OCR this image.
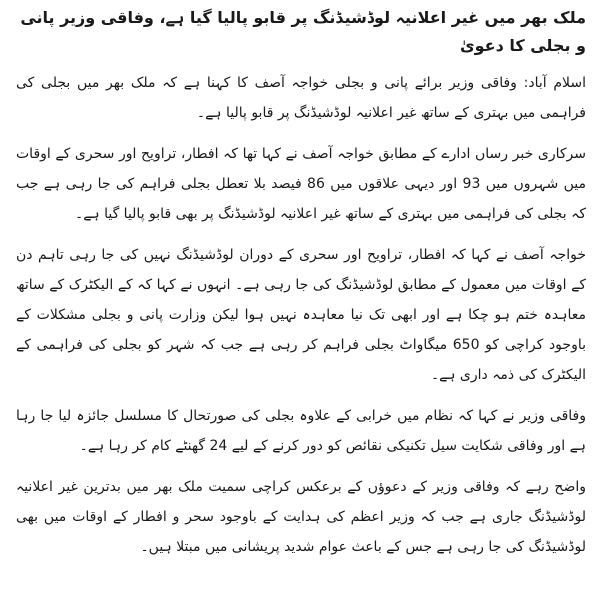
ملک بھر میں غیر اعلانیہ لوڈشیڈنگ پر قابو پالیا گیا ہے، وفاقی وزیر پانی و بجلی کا دعویٰ

اسلام آباد: وفاقی وزیر برائے پانی و بجلی خواجہ آصف کا کہنا ہے کہ ملک بھر میں بجلی کی فراہمی میں بہتری کے ساتھ غیر اعلانیہ لوڈشیڈنگ پر قابو پالیا ہے۔

سرکاری خبر رساں ادارے کے مطابق خواجہ آصف نے کہا تھا کہ افطار، تراویح اور سحری کے اوقات میں شہروں میں 93 اور دیہی علاقوں میں 86 فیصد بلا تعطل بجلی فراہم کی جا رہی ہے جب کہ بجلی کی فراہمی میں بہتری کے ساتھ غیر اعلانیہ لوڈشیڈنگ پر بھی قابو پالیا گیا ہے۔

خواجہ آصف نے کہا کہ افطار، تراویح اور سحری کے دوران لوڈشیڈنگ نہیں کی جا رہی تاہم دن کے اوقات میں معمول کے مطابق لوڈشیڈنگ کی جا رہی ہے۔ انہوں نے کہا کہ کے الیکٹرک کے ساتھ معاہدہ ختم ہو چکا ہے اور ابھی تک نیا معاہدہ نہیں ہوا لیکن وزارت پانی و بجلی مشکلات کے باوجود کراچی کو 650 میگاواٹ بجلی فراہم کر رہی ہے جب کہ شہر کو بجلی کی فراہمی کے الیکٹرک کی ذمہ داری ہے۔

وفاقی وزیر نے کہا کہ نظام میں خرابی کے علاوہ بجلی کی صورتحال کا مسلسل جائزہ لیا جا رہا ہے اور وفاقی شکایت سیل تکنیکی نقائص کو دور کرنے کے لیے 24 گھنٹے کام کر رہا ہے۔

واضح رہے کہ وفاقی وزیر کے دعوؤں کے برعکس کراچی سمیت ملک بھر میں بدترین غیر اعلانیہ لوڈشیڈنگ جاری ہے جب کہ وزیر اعظم کی ہدایت کے باوجود سحر و افطار کے اوقات میں بھی لوڈشیڈنگ کی جا رہی ہے جس کے باعث عوام شدید پریشانی میں مبتلا ہیں۔
